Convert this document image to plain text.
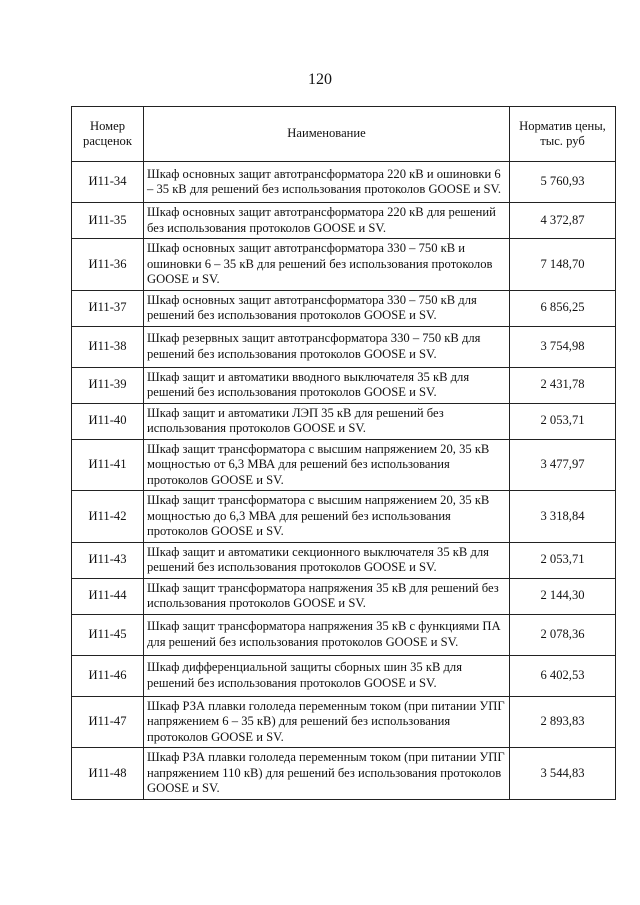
120
Номер расценок	Наименование	Норматив цены, тыс. руб
И11-34	Шкаф основных защит автотрансформатора 220 кВ и ошиновки 6 – 35 кВ для решений без использования протоколов GOOSE и SV.	5 760,93
И11-35	Шкаф основных защит автотрансформатора 220 кВ для решений без использования протоколов GOOSE и SV.	4 372,87
И11-36	Шкаф основных защит автотрансформатора 330 – 750 кВ и ошиновки 6 – 35 кВ для решений без использования протоколов GOOSE и SV.	7 148,70
И11-37	Шкаф основных защит автотрансформатора 330 – 750 кВ для решений без использования протоколов GOOSE и SV.	6 856,25
И11-38	Шкаф резервных защит автотрансформатора 330 – 750 кВ для решений без использования протоколов GOOSE и SV.	3 754,98
И11-39	Шкаф защит и автоматики вводного выключателя 35 кВ для решений без использования протоколов GOOSE и SV.	2 431,78
И11-40	Шкаф защит и автоматики ЛЭП 35 кВ для решений без использования протоколов GOOSE и SV.	2 053,71
И11-41	Шкаф защит трансформатора с высшим напряжением 20, 35 кВ мощностью от 6,3 МВА для решений без использования протоколов GOOSE и SV.	3 477,97
И11-42	Шкаф защит трансформатора с высшим напряжением 20, 35 кВ мощностью до 6,3 МВА для решений без использования протоколов GOOSE и SV.	3 318,84
И11-43	Шкаф защит и автоматики секционного выключателя 35 кВ для решений без использования протоколов GOOSE и SV.	2 053,71
И11-44	Шкаф защит трансформатора напряжения 35 кВ для решений без использования протоколов GOOSE и SV.	2 144,30
И11-45	Шкаф защит трансформатора напряжения 35 кВ с функциями ПА для решений без использования протоколов GOOSE и SV.	2 078,36
И11-46	Шкаф дифференциальной защиты сборных шин 35 кВ для решений без использования протоколов GOOSE и SV.	6 402,53
И11-47	Шкаф РЗА плавки гололеда переменным током (при питании УПГ напряжением 6 – 35 кВ) для решений без использования протоколов GOOSE и SV.	2 893,83
И11-48	Шкаф РЗА плавки гололеда переменным током (при питании УПГ напряжением 110 кВ) для решений без использования протоколов GOOSE и SV.	3 544,83
